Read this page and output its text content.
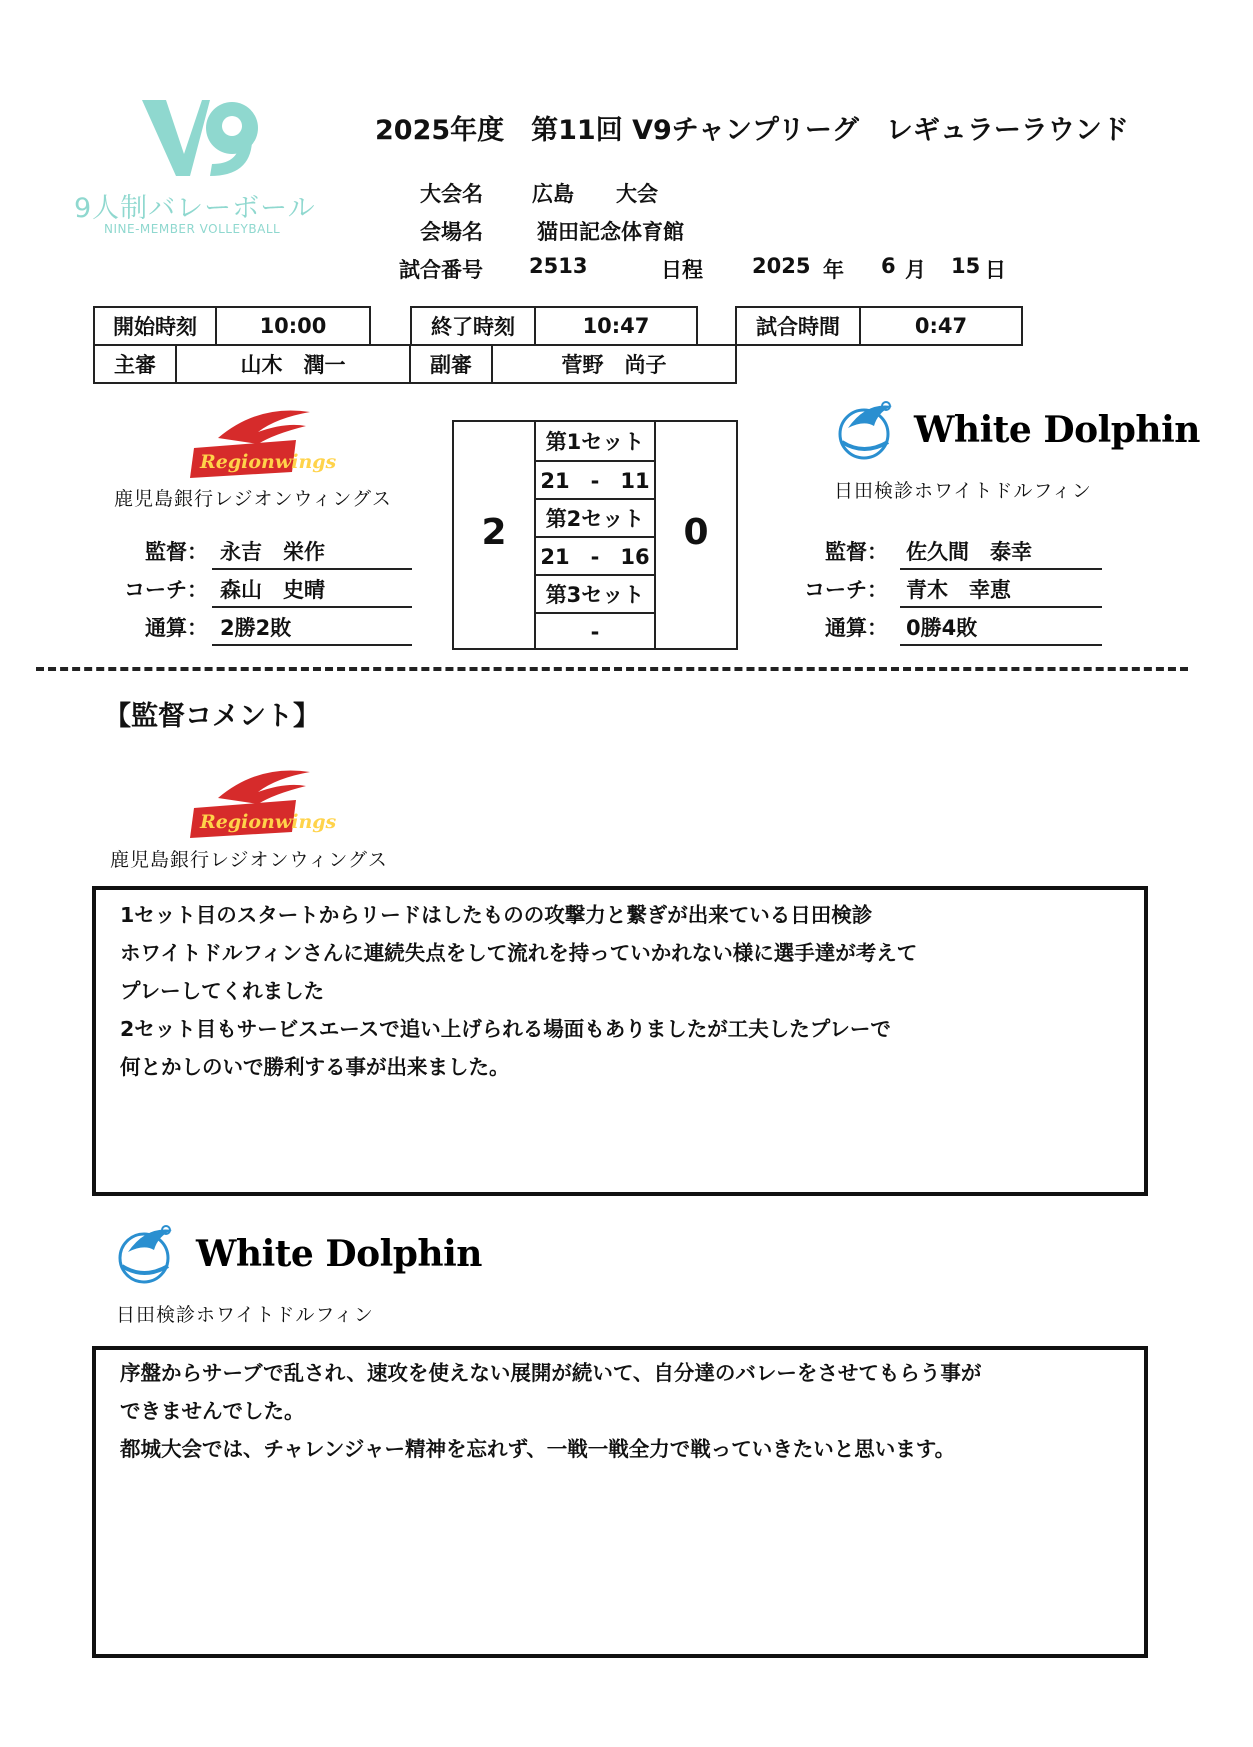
9人制バレーボール
NINE-MEMBER VOLLEYBALL
2025年度　第11回 V9チャンプリーグ　レギュラーラウンド
大会名 広島　　大会
会場名	猫田記念体育館
試合番号 2513	日程 2025 年 6 月 15 日
開始時刻	10:00	終了時刻	10:47	試合時間	0:47
主審	山木　潤一	副審	菅野　尚子
Regionwings
鹿児島銀行レジオンウィングス
監督： 永吉　栄作
コーチ： 森山　史晴
通算： 2勝2敗
2
第1セット
21　-　11
第2セット
21　-　16
第3セット
-
0
White Dolphin
日田検診ホワイトドルフィン
監督： 佐久間　泰幸
コーチ： 青木　幸恵
通算： 0勝4敗
【監督コメント】
Regionwings
鹿児島銀行レジオンウィングス
1セット目のスタートからリードはしたものの攻撃力と繋ぎが出来ている日田検診
ホワイトドルフィンさんに連続失点をして流れを持っていかれない様に選手達が考えて
プレーしてくれました
2セット目もサービスエースで追い上げられる場面もありましたが工夫したプレーで
何とかしのいで勝利する事が出来ました。
White Dolphin
日田検診ホワイトドルフィン
序盤からサーブで乱され、速攻を使えない展開が続いて、自分達のバレーをさせてもらう事が
できませんでした。
都城大会では、チャレンジャー精神を忘れず、一戦一戦全力で戦っていきたいと思います。
